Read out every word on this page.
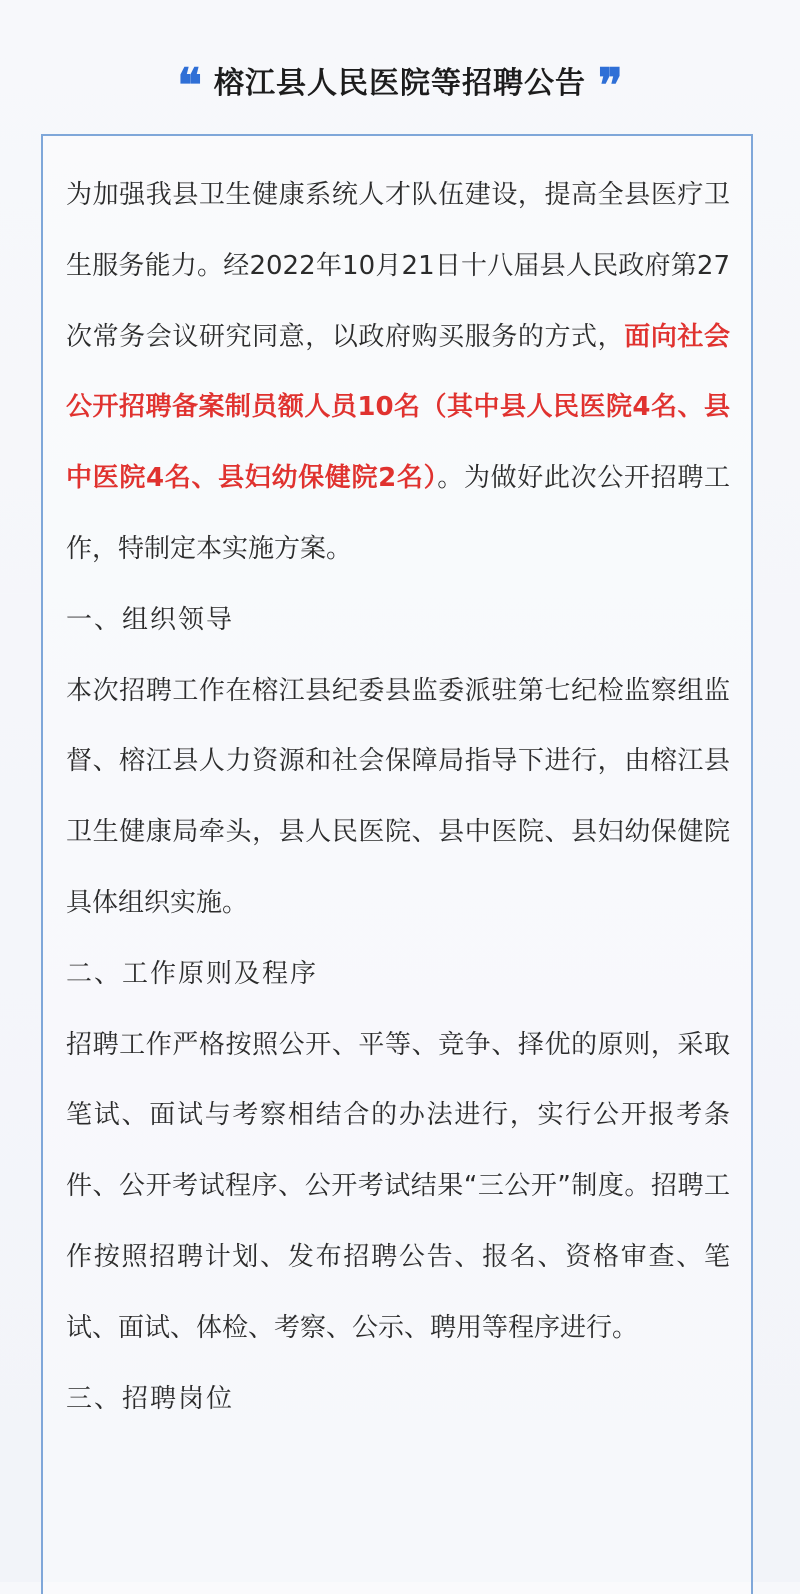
❝ 榕江县人民医院等招聘公告 ❞

为加强我县卫生健康系统人才队伍建设，提高全县医疗卫生服务能力。经2022年10月21日十八届县人民政府第27次常务会议研究同意，以政府购买服务的方式，面向社会公开招聘备案制员额人员10名（其中县人民医院4名、县中医院4名、县妇幼保健院2名）。为做好此次公开招聘工作，特制定本实施方案。

一、组织领导

本次招聘工作在榕江县纪委县监委派驻第七纪检监察组监督、榕江县人力资源和社会保障局指导下进行，由榕江县卫生健康局牵头，县人民医院、县中医院、县妇幼保健院具体组织实施。

二、工作原则及程序

招聘工作严格按照公开、平等、竞争、择优的原则，采取笔试、面试与考察相结合的办法进行，实行公开报考条件、公开考试程序、公开考试结果“三公开”制度。招聘工作按照招聘计划、发布招聘公告、报名、资格审查、笔试、面试、体检、考察、公示、聘用等程序进行。

三、招聘岗位
